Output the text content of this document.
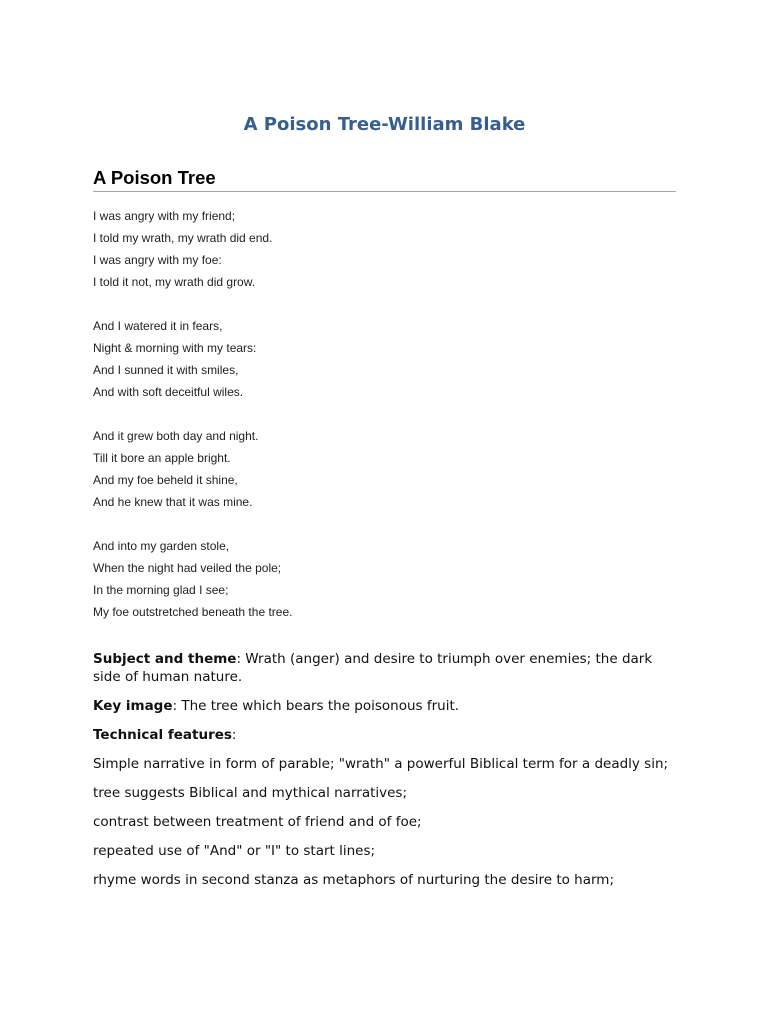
A Poison Tree-William Blake
A Poison Tree
I was angry with my friend;
I told my wrath, my wrath did end.
I was angry with my foe:
I told it not, my wrath did grow.
And I watered it in fears,
Night & morning with my tears:
And I sunned it with smiles,
And with soft deceitful wiles.
And it grew both day and night.
Till it bore an apple bright.
And my foe beheld it shine,
And he knew that it was mine.
And into my garden stole,
When the night had veiled the pole;
In the morning glad I see;
My foe outstretched beneath the tree.

Subject and theme: Wrath (anger) and desire to triumph over enemies; the dark side of human nature.

Key image: The tree which bears the poisonous fruit.

Technical features:

Simple narrative in form of parable; "wrath" a powerful Biblical term for a deadly sin;

tree suggests Biblical and mythical narratives;

contrast between treatment of friend and of foe;

repeated use of "And" or "I" to start lines;

rhyme words in second stanza as metaphors of nurturing the desire to harm;
